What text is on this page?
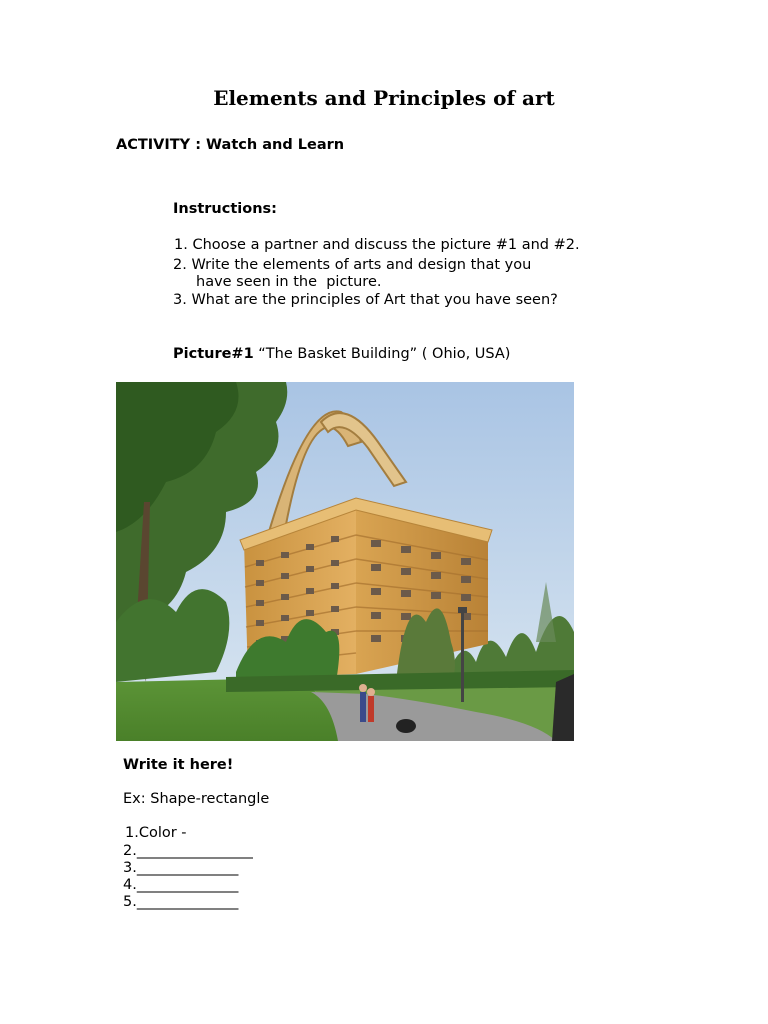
Elements and Principles of art
ACTIVITY : Watch and Learn
Instructions:
1. Choose a partner and discuss the picture #1 and #2.
2. Write the elements of arts and design that you
have seen in the  picture.
3. What are the principles of Art that you have seen?
Picture#1 “The Basket Building” ( Ohio, USA)
Write it here!
Ex: Shape-rectangle
1.Color -
2.________________
3.______________
4.______________
5.______________
